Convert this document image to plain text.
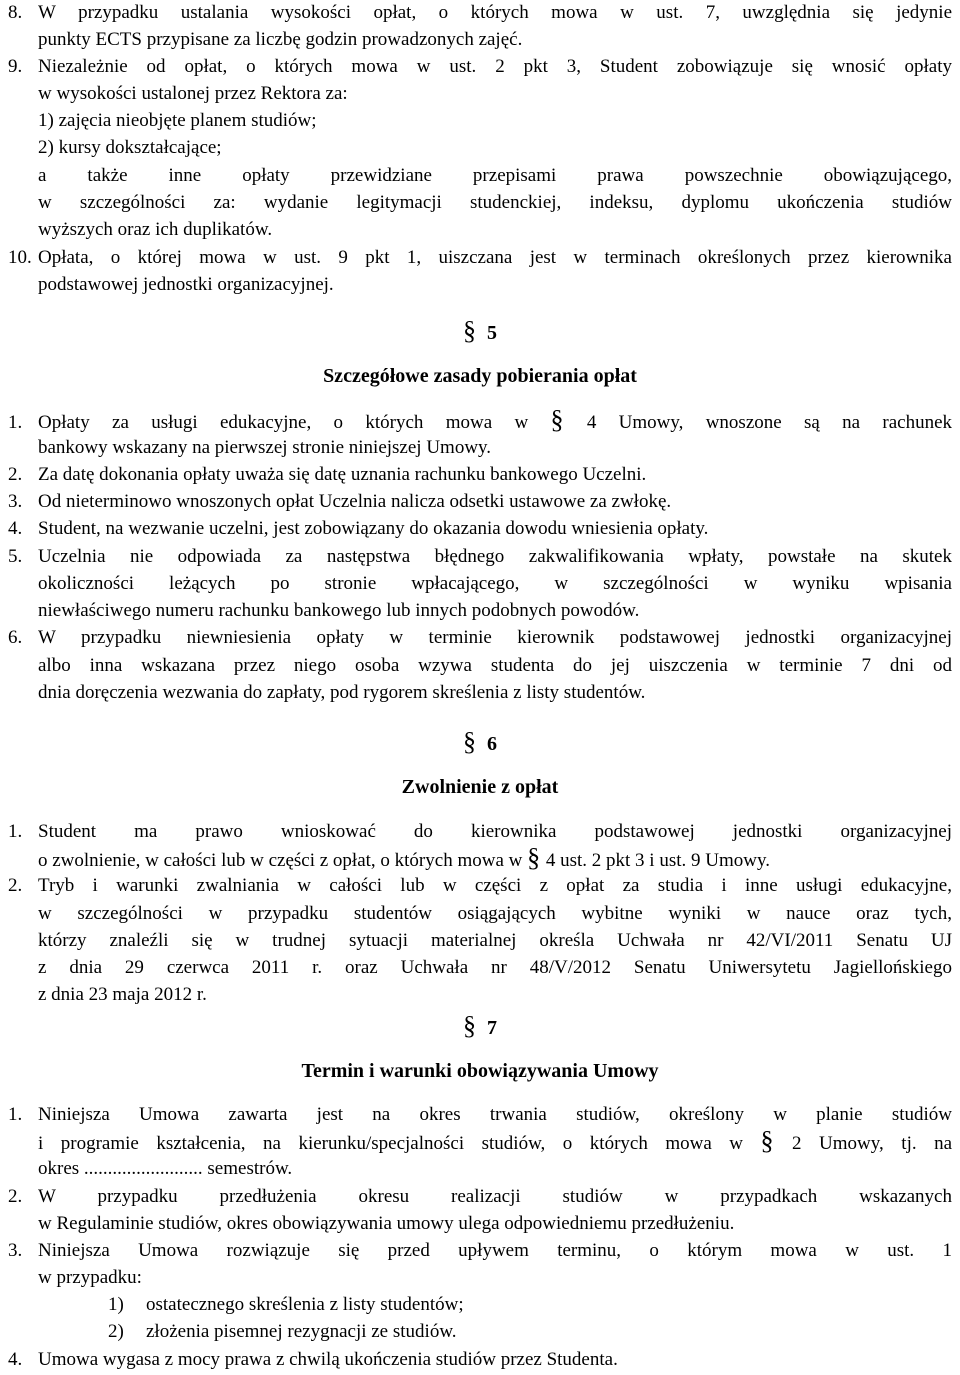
8. W przypadku ustalania wysokości opłat, o których mowa w ust. 7, uwzględnia się jedynie
punkty ECTS przypisane za liczbę godzin prowadzonych zajęć.
9. Niezależnie od opłat, o których mowa w ust. 2 pkt 3, Student zobowiązuje się wnosić opłaty
w wysokości ustalonej przez Rektora za:
1) zajęcia nieobjęte planem studiów;
2) kursy dokształcające;
a także inne opłaty przewidziane przepisami prawa powszechnie obowiązującego,
w szczególności za: wydanie legitymacji studenckiej, indeksu, dyplomu ukończenia studiów
wyższych oraz ich duplikatów.
10. Opłata, o której mowa w ust. 9 pkt 1, uiszczana jest w terminach określonych przez kierownika
podstawowej jednostki organizacyjnej.
§  5
Szczegółowe zasady pobierania opłat
1. Opłaty za usługi edukacyjne, o których mowa w §	4 Umowy, wnoszone są na rachunek
bankowy wskazany na pierwszej stronie niniejszej Umowy.
2. Za datę dokonania opłaty uważa się datę uznania rachunku bankowego Uczelni.
3. Od nieterminowo wnoszonych opłat Uczelnia nalicza odsetki ustawowe za zwłokę.
4. Student, na wezwanie uczelni, jest zobowiązany do okazania dowodu wniesienia opłaty.
5. Uczelnia nie odpowiada za następstwa błędnego zakwalifikowania wpłaty, powstałe na skutek
okoliczności leżących po stronie wpłacającego, w szczególności w wyniku wpisania
niewłaściwego numeru rachunku bankowego lub innych podobnych powodów.
6. W przypadku niewniesienia opłaty w terminie kierownik podstawowej jednostki organizacyjnej
albo inna wskazana przez niego osoba wzywa studenta do jej uiszczenia w terminie 7 dni od
dnia doręczenia wezwania do zapłaty, pod rygorem skreślenia z listy studentów.
§  6
Zwolnienie z opłat
1. Student ma prawo wnioskować do kierownika podstawowej jednostki organizacyjnej
o zwolnienie, w całości lub w części z opłat, o których mowa w § 4 ust. 2 pkt 3 i ust. 9 Umowy.
2. Tryb i warunki zwalniania w całości lub w części z opłat za studia i inne usługi edukacyjne,
w szczególności w przypadku studentów osiągających wybitne wyniki w nauce oraz tych,
którzy znaleźli się w trudnej sytuacji materialnej określa Uchwała nr 42/VI/2011 Senatu UJ
z dnia 29 czerwca 2011 r. oraz Uchwała nr 48/V/2012 Senatu Uniwersytetu Jagiellońskiego
z dnia 23 maja 2012 r.
§  7
Termin i warunki obowiązywania Umowy
1. Niniejsza Umowa zawarta jest na okres trwania studiów, określony w planie studiów
i programie kształcenia, na kierunku/specjalności studiów, o których mowa w §	2 Umowy, tj. na
okres ......................... semestrów.
2. W przypadku przedłużenia okresu realizacji studiów w przypadkach wskazanych
w Regulaminie studiów, okres obowiązywania umowy ulega odpowiedniemu przedłużeniu.
3. Niniejsza Umowa rozwiązuje się przed upływem terminu, o którym mowa w ust. 1
w przypadku:
1) ostatecznego skreślenia z listy studentów;
2) złożenia pisemnej rezygnacji ze studiów.
4. Umowa wygasa z mocy prawa z chwilą ukończenia studiów przez Studenta.
